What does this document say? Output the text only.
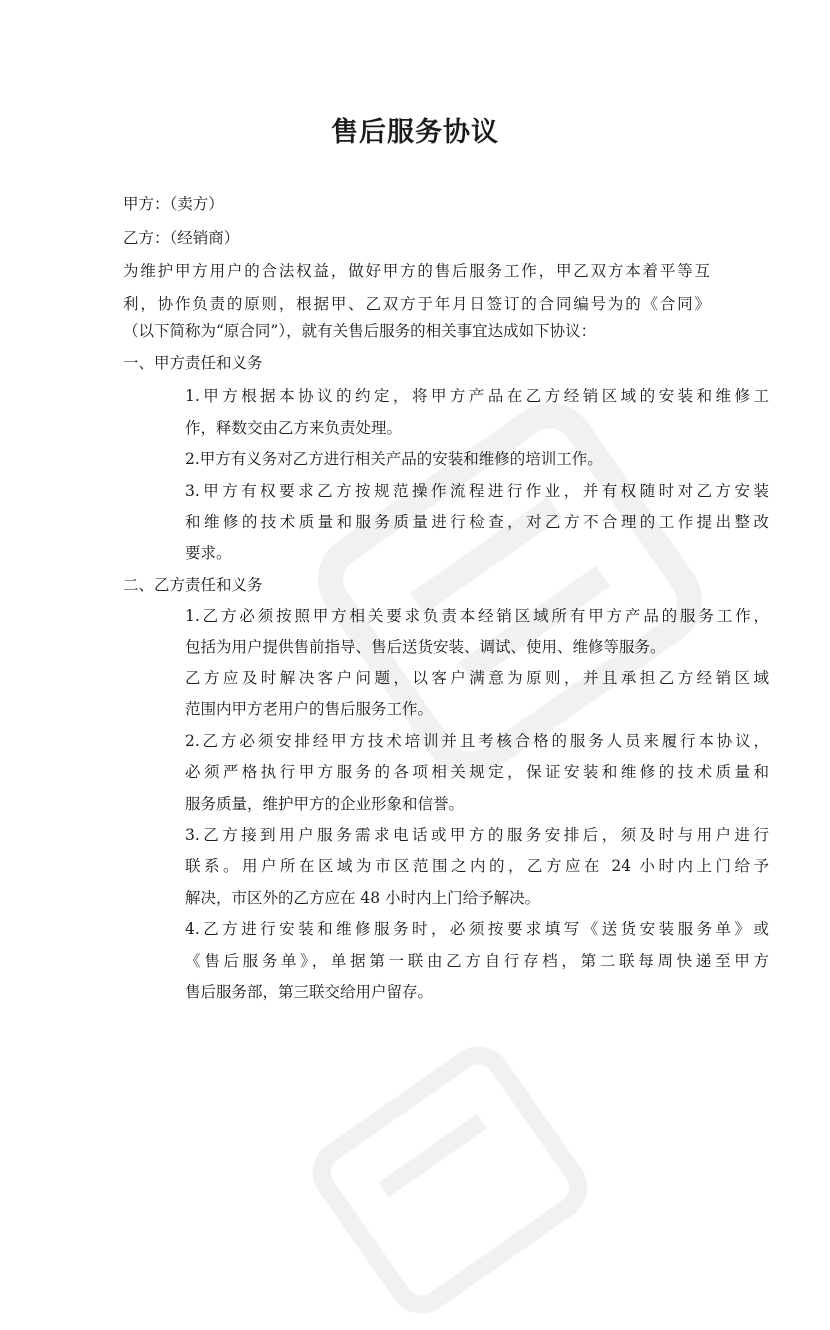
售后服务协议

甲方：（卖方）

乙方：（经销商）

为维护甲方用户的合法权益，做好甲方的售后服务工作，甲乙双方本着平等互

利，协作负责的原则，根据甲、乙双方于年月日签订的合同编号为的《合同》

（以下简称为“原合同”），就有关售后服务的相关事宜达成如下协议：

一、甲方责任和义务

1.甲方根据本协议的约定，将甲方产品在乙方经销区域的安装和维修工

作，释数交由乙方来负责处理。

2.甲方有义务对乙方进行相关产品的安装和维修的培训工作。

3.甲方有权要求乙方按规范操作流程进行作业，并有权随时对乙方安装

和维修的技术质量和服务质量进行检查，对乙方不合理的工作提出整改

要求。

二、乙方责任和义务

1.乙方必须按照甲方相关要求负责本经销区域所有甲方产品的服务工作，

包括为用户提供售前指导、售后送货安装、调试、使用、维修等服务。

乙方应及时解决客户问题，以客户满意为原则，并且承担乙方经销区域

范围内甲方老用户的售后服务工作。

2.乙方必须安排经甲方技术培训并且考核合格的服务人员来履行本协议，

必须严格执行甲方服务的各项相关规定，保证安装和维修的技术质量和

服务质量，维护甲方的企业形象和信誉。

3.乙方接到用户服务需求电话或甲方的服务安排后，须及时与用户进行

联系。用户所在区域为市区范围之内的，乙方应在 24 小时内上门给予

解决，市区外的乙方应在 48 小时内上门给予解决。

4.乙方进行安装和维修服务时，必须按要求填写《送货安装服务单》或

《售后服务单》，单据第一联由乙方自行存档，第二联每周快递至甲方

售后服务部，第三联交给用户留存。
